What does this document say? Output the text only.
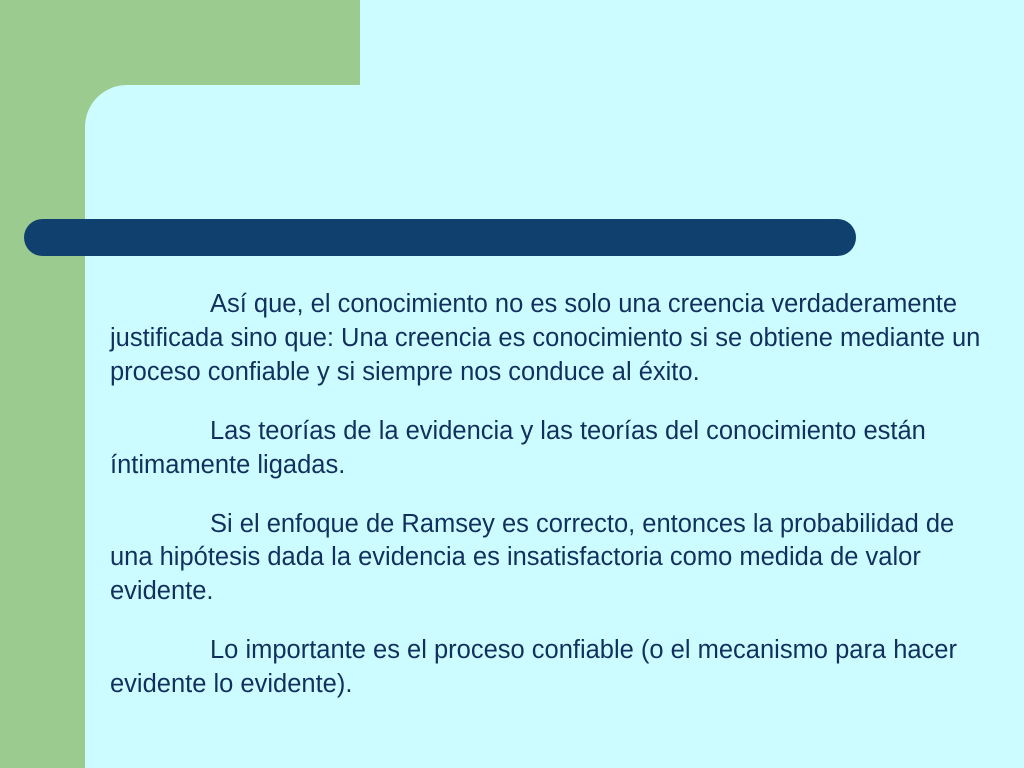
Así que, el conocimiento no es solo una creencia verdaderamente justificada sino que: Una creencia es conocimiento si se obtiene mediante un proceso confiable y si siempre nos conduce al éxito.

Las teorías de la evidencia y las teorías del conocimiento están íntimamente ligadas.

Si el enfoque de Ramsey es correcto, entonces la probabilidad de una hipótesis dada la evidencia es insatisfactoria como medida de valor evidente.

Lo importante es el proceso confiable (o el mecanismo para hacer evidente lo evidente).
